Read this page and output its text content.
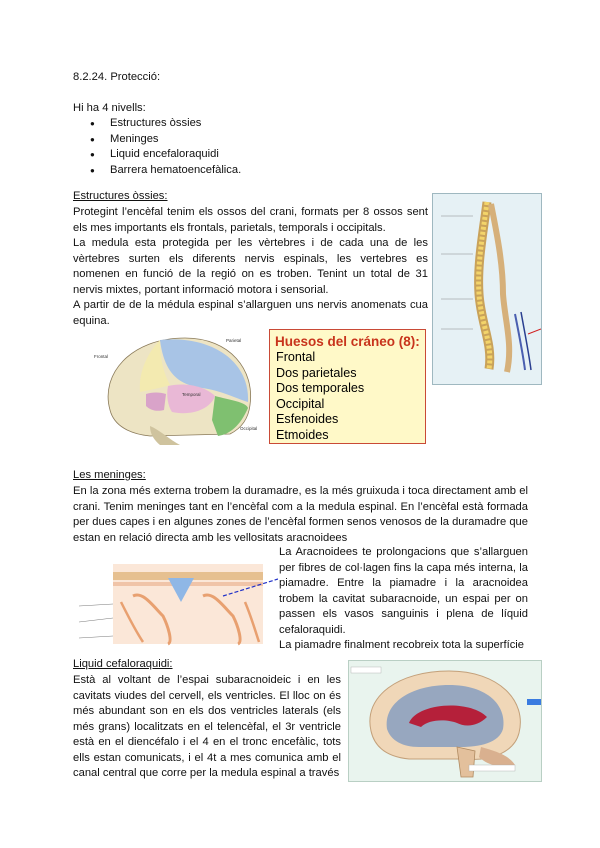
8.2.24. Protecció:
Hi ha 4 nivells:
● Estructures òssies
● Meninges
● Liquid encefaloraquidi
● Barrera hematoencefàlica.
Estructures òssies:

Protegint l’encèfal tenim els ossos del crani, formats per 8 ossos sent els mes importants els frontals, parietals, temporals i occipitals.

La medula esta protegida per les vèrtebres i de cada una de les vèrtebres surten els diferents nervis espinals, les vertebres es nomenen en funció de la regió on es troben. Tenint un total de 31 nervis mixtes, portant informació motora i sensorial.

A partir de de la médula espinal s’allarguen uns nervis anomenats cua equina.

Frontal
Parietal
Temporal
Occipital
Huesos del cráneo (8):
Frontal
Dos parietales
Dos temporales
Occipital
Esfenoides
Etmoides
Les meninges:

En la zona més externa trobem la duramadre, es la més gruixuda i toca directament amb el crani. Tenim meninges tant en l’encèfal com a la medula espinal. En l’encèfal està formada per dues capes i en algunes zones de l’encèfal formen senos venosos de la duramadre que estan en relació directa amb les vellositats aracnoidees

La Aracnoidees te prolongacions que s’allarguen per fibres de col·lagen fins la capa més interna, la piamadre. Entre la piamadre i la aracnoidea trobem la cavitat subaracnoide, un espai per on passen els vasos sanguinis i plena de líquid cefaloraquidi.

La piamadre finalment recobreix tota la superfície

Liquid cefaloraquidi:

Està al voltant de l’espai subaracnoideic i en les cavitats viudes del cervell, els ventricles. El lloc on és més abundant son en els dos ventricles laterals (els més grans) localitzats en el telencèfal, el 3r ventricle està en el diencéfalo i el 4 en el tronc encefàlic, tots ells estan comunicats, i el 4t a mes comunica amb el canal central que corre per la medula espinal a través
